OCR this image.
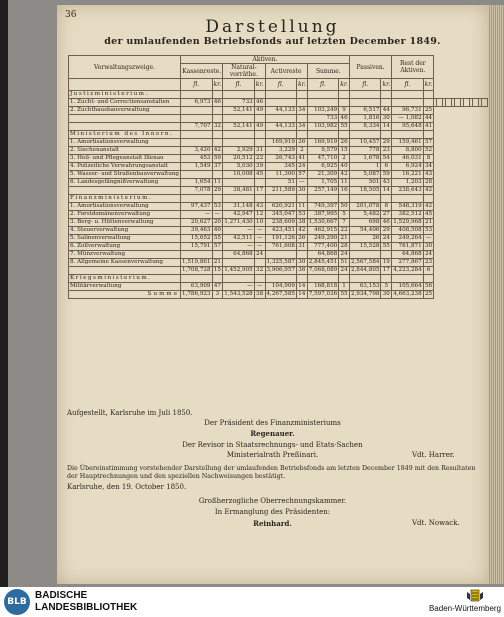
36
Darstellung
der umlaufenden Betriebsfonds auf letzten December 1849.
Verwaltungszweige.	Aktiven.								Passiven.		Rest der Aktiven.													
	Kassenreste.		Natural-vorräthe.		Activreste		Summe.																	
	fl.	kr.	fl.	kr.	fl.	kr.	fl.	kr.	fl.	kr.	fl.	kr.												
Justizministerium.																								
1. Zucht- und Correctionsanstalten	6,973	46	733	46																				
2. Zuchthausbauverwaltung			52,141	49	44,133	34	103,249	9	6,517	44	96,731	25												
							733	46	1,816	30	— 1,082	44												
	7,707	32	52,141	49	44,133	34	103,982	55	8,334	14	95,648	41												
Ministerium des Innern.																								
1. Amortisationsverwaltung					169,919	26	169,919	26	10,457	29	159,461	57												
2. Siechenanstalt	3,420	42	2,929	31	3,229	2	9,579	15	778	23	8,800	52												
3. Heil- und Pflegeanstalt Illenau	453	59	20,512	22	26,743	41	47,710	2	1,678	54	46,031	8												
4. Polizeiliche Verwahrungsanstalt	1,549	37	5,030	39	345	24	6,925	40	1	6	6,924	34												
5. Wasser- und Straßenbauverwaltung			10,008	45	11,300	57	21,309	42	5,087	59	16,221	43												
6. Landesgefängnißverwaltung	1,654	11			51	—	1,705	11	501	43	1,203	28												
	7,078	29	38,481	17	211,589	30	257,149	16	18,505	14	238,643	42												
Finanzministerium.																								
1. Amortisationsverwaltung	97,437	53	31,148	43	620,921	11	749,397	50	201,078	8	548,319	42												
2. Forstdomänenverwaltung	—	—	42,947	12	345,047	53	387,995	5	5,482	27	382,512	45												
3. Berg- u. Hüttenverwaltung	20,627	20	1,271,430	10	238,609	38	1,530,667	7	698	46	1,529,968	21												
4. Steuerverwaltung	39,463	40	—	—	423,451	42	462,915	22	54,406	29	408,508	53												
5. Salinenverwaltung	15,652	55	42,511	—	191,126	26	249,290	21	26	24	249,264	—												
6. Zollverwaltung	15,791	57	—	—	761,608	31	777,400	28	15,528	55	761,871	30												
7. Münzverwaltung			64,868	24			64,868	24			64,868	24												
8. Allgemeine Kassenverwaltung	1,519,861	21			1,325,587	30	2,845,451	51	2,567,584	19	277,867	23												
	1,708,728	15	1,452,905	32	3,906,957	36	7,068,089	24	2,844,805	17	4,223,284	6												
Kriegsministerium.																								
Militärverwaltung	63,909	47	—	—	104,909	14	168,818	1	63,153	5	105,664	56												
Summe	1,786,923	3	1,543,528	38	4,267,585	14	7,597,036	55	2,934,798	30	4,663,238	25												
Aufgestellt, Karlsruhe im Juli 1850.
Der Präsident des Finanzministeriums
Regenauer.
Der Revisor in Staatsrechnungs- und Etats-Sachen
Ministerialrath Preßinari.	Vdt. Harrer.
Die Übereinstimmung vorstehender Darstellung der umlaufenden Betriebsfonds am letzten December 1849 mit den Resultaten der Hauptrechnungen und den speziellen Nachweisungen bestätigt.
Karlsruhe, den 19. October 1850.
Großherzogliche Oberrechnungskammer.
In Ermanglung des Präsidenten:
Reinhard.	Vdt. Nowack.
BLB
BADISCHE
LANDESBIBLIOTHEK	Baden-Württemberg
